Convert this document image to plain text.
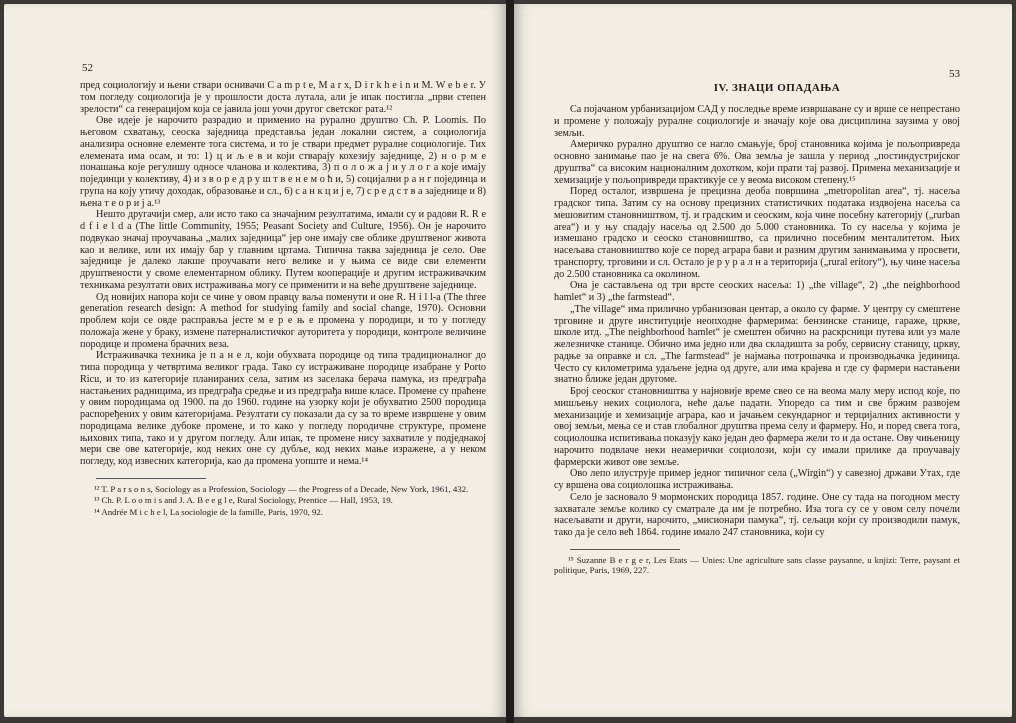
52

пред социологију и њени ствари оснивачи C a m p t e, M a r x, D i r k h e i n и M. W e b e r. У том погледу социологија је у прошлости доста лутала, али је ипак постигла „први степен зрелости“ са генерацијом која се јавила још уочи другог светског рата.¹²

Ове идеје је нарочито разрадио и применио на рурално друштво Ch. P. Loomis. По његовом схватању, сеоска заједница представља један локални систем, а социологија анализира основне елементе тога система, и то је ствари предмет руралне социологије. Тих елемената има осам, и то: 1) ц и љ е в и који стварају кохезију заједнице, 2) н о р м е понашања које регулишу односе чланова и колектива, 3) п о л о ж а ј и у л о г а које имају појединци у колективу, 4) и з в о р е д р у ш т в е н е м о ћ и, 5) социјални р а н г појединца и група на коју утичу доходак, образовање и сл., 6) с а н к ц и ј е, 7) с р е д с т в а заједнице и 8) њена т е о р и ј а.¹³

Нешто другачији смер, али исто тако са значајним резултатима, имали су и радови R. R e d f i e l d a (The little Community, 1955; Peasant Society and Culture, 1956). Он је нарочито подвукао значај проучавања „малих заједница“ јер оне имају све облике друштвеног живота као и велике, или их имају бар у главним цртама. Типична таква заједница је село. Ове заједнице је далеко лакше проучавати него велике и у њима се виде сви елементи друштвености у своме елементарном облику. Путем кооперације и другим истраживачким техникама резултати ових истраживања могу се применити и на веће друштвене заједнице.

Од новијих напора који се чине у овом правцу ваља поменути и оне R. H i l l-a (The three generation research design: A method for studying family and social change, 1970). Основни проблем који се овде расправља јесте м е р е њ е промена у породици, и то у погледу положаја жене у браку, измене патерналистичког ауторитета у породици, контроле величине породице и промена брачних веза.

Истраживачка техника је п а н е л, који обухвата породице од типа традиционалног до типа породица у четвртима великог града. Тако су истраживане породице изабране у Porto Ricu, и то из категорије планираних села, затим из заселака берача памука, из предграђа настањених радницима, из предграђа средње и из предграђа више класе. Промене су праћене у овим породицама од 1900. па до 1960. године на узорку који је обухватио 2500 породица распоређених у овим категоријама. Резултати су показали да су за то време извршене у овим породицама велике дубоке промене, и то како у погледу породичне структуре, промене њихових типа, тако и у другом погледу. Али ипак, те промене нису захватиле у подједнакој мери све ове категорије, код неких оне су дубље, код неких мање изражене, а у неком погледу, код извесних категорија, као да промена уопште и нема.¹⁴

¹² T. P a r s o n s, Sociology as a Profession, Sociology — the Progress of a Decade, New York, 1961, 432.

¹³ Ch. P. L o o m i s and J. A. B e e g l e, Rural Sociology, Prentice — Hall, 1953, 19.

¹⁴ Andrée M i c h e l, La sociologie de la famille, Paris, 1970, 92.

53
IV. ЗНАЦИ ОПАДАЊА

Са појачаном урбанизацијом САД у последње време извршаване су и врше се непрестано и промене у положају руралне социологије и значају које ова дисциплина заузима у овој земљи.

Америчко рурално друштво се нагло смањује, број становника којима је пољопривреда основно занимање пао је на свега 6%. Ова земља је зашла у период „постиндустријског друштва“ са високим националним дохотком, који прати тај развој. Примена механизације и хемизације у пољопривреди практикује се у веома високом степену.¹⁵

Поред осталог, извршена је прецизна деоба површина „metropolitan area“, тј. насеља градског типа. Затим су на основу прецизних статистичких података издвојена насеља са мешовитим становништвом, тј. и градским и сеоским, која чине посебну категорију („rurban area“) и у њу спадају насеља од 2.500 до 5.000 становника. То су насеља у којима је измешано градско и сеоско становништво, са прилично посебним менталитетом. Њих насељава становништво које се поред аграра бави и разним другим занимањима у просвети, транспорту, трговини и сл. Остало је р у р а л н а територија („rural eritory“), њу чине насеља до 2.500 становника са околином.

Она је састављена од три врсте сеоских насеља: 1) „the village“, 2) „the neighborhood hamlet“ и 3) „the farmstead“.

„The village“ има прилично урбанизован центар, а около су фарме. У центру су смештене трговине и друге институције неопходне фармерима: бензинске станице, гараже, цркве, школе итд. „The neighborhood hamlet“ је смештен обично на раскрсници путева или уз мале железничке станице. Обично има једно или два складишта за робу, сервисну станицу, цркву, радње за оправке и сл. „The farmstead“ је најмања потрошачка и производњачка јединица. Често су километрима удаљене једна од друге, али има крајева и где су фармери настањени знатно ближе један другоме.

Број сеоског становништва у најновије време свео се на веома малу меру испод које, по мишљењу неких социолога, неће даље падати. Упоредо са тим и све бржим развојем механизације и хемизације аграра, као и јачањем секундарног и терцијалних активности у овој земљи, мења се и став глобалног друштва према селу и фармеру. Но, и поред свега тога, социолошка испитивања показују како један део фармера жели то и да остане. Ову чињеницу нарочито подвлаче неки неамерички социолози, који су имали прилике да проучавају фармерски живот ове земље.

Ово лепо илуструје пример једног типичног села („Wirgin“) у савезној држави Утах, где су вршена ова социолошка истраживања.

Село је засновало 9 мормонских породица 1857. године. Оне су тада на погодном месту захватале земље колико су сматрале да им је потребно. Иза тога су се у овом селу почели насељавати и други, нарочито, „мисионари памука“, тј. сељаци који су производили памук, тако да је село већ 1864. године имало 247 становника, који су

¹⁵ Suzanne B e r g e r, Les Etats — Unies: Une agriculture sans classe paysanne, u knjizi: Terre, paysant et politique, Paris, 1969, 227.
